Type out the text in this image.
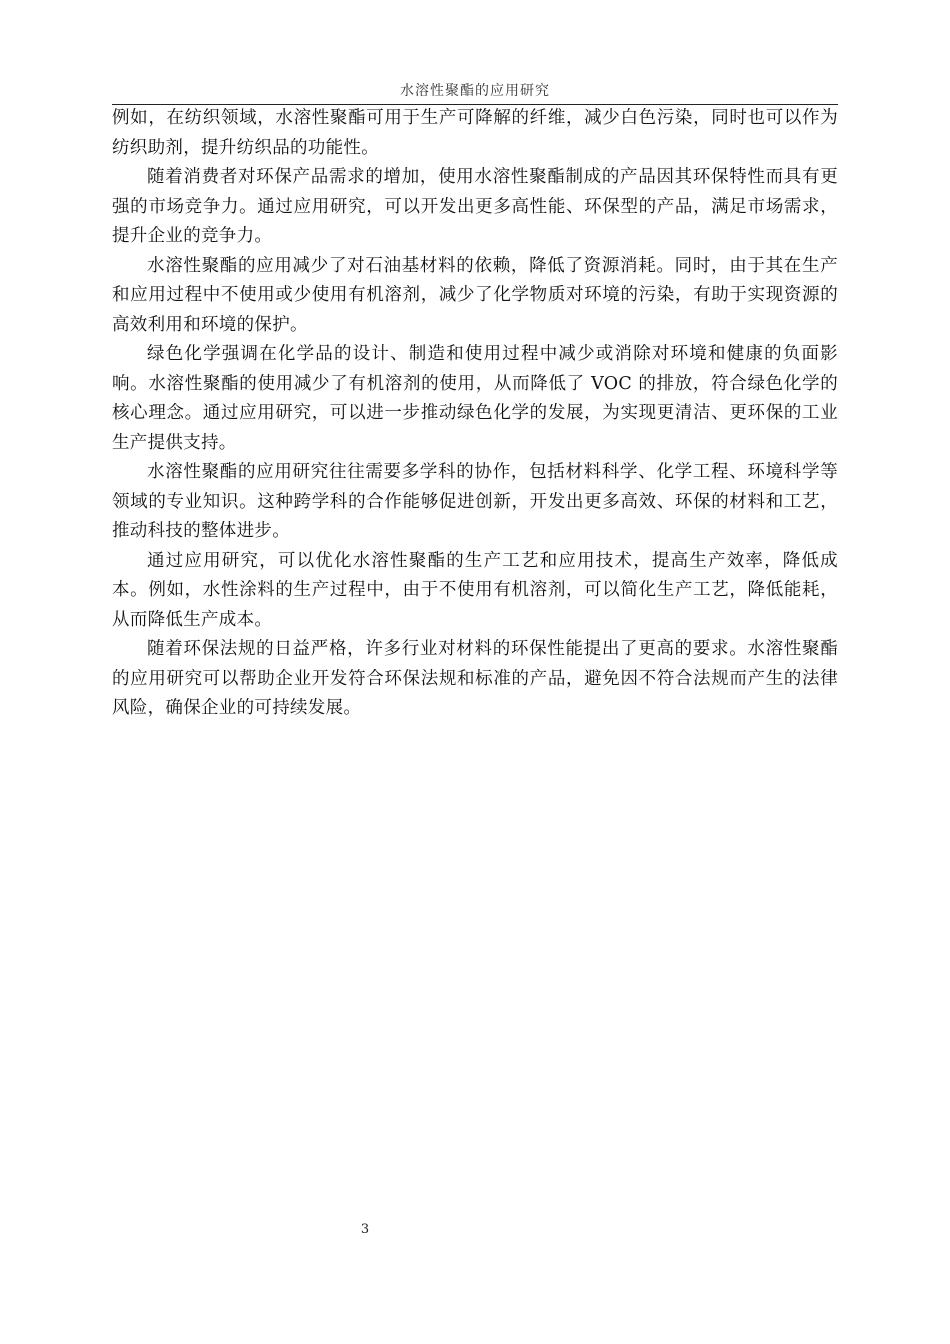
水溶性聚酯的应用研究

例如，在纺织领域，水溶性聚酯可用于生产可降解的纤维，减少白色污染，同时也可以作为纺织助剂，提升纺织品的功能性。

随着消费者对环保产品需求的增加，使用水溶性聚酯制成的产品因其环保特性而具有更强的市场竞争力。通过应用研究，可以开发出更多高性能、环保型的产品，满足市场需求，提升企业的竞争力。

水溶性聚酯的应用减少了对石油基材料的依赖，降低了资源消耗。同时，由于其在生产和应用过程中不使用或少使用有机溶剂，减少了化学物质对环境的污染，有助于实现资源的高效利用和环境的保护。

绿色化学强调在化学品的设计、制造和使用过程中减少或消除对环境和健康的负面影响。水溶性聚酯的使用减少了有机溶剂的使用，从而降低了 VOC 的排放，符合绿色化学的核心理念。通过应用研究，可以进一步推动绿色化学的发展，为实现更清洁、更环保的工业生产提供支持。

水溶性聚酯的应用研究往往需要多学科的协作，包括材料科学、化学工程、环境科学等领域的专业知识。这种跨学科的合作能够促进创新，开发出更多高效、环保的材料和工艺，推动科技的整体进步。

通过应用研究，可以优化水溶性聚酯的生产工艺和应用技术，提高生产效率，降低成本。例如，水性涂料的生产过程中，由于不使用有机溶剂，可以简化生产工艺，降低能耗，从而降低生产成本。

随着环保法规的日益严格，许多行业对材料的环保性能提出了更高的要求。水溶性聚酯的应用研究可以帮助企业开发符合环保法规和标准的产品，避免因不符合法规而产生的法律风险，确保企业的可持续发展。

3
